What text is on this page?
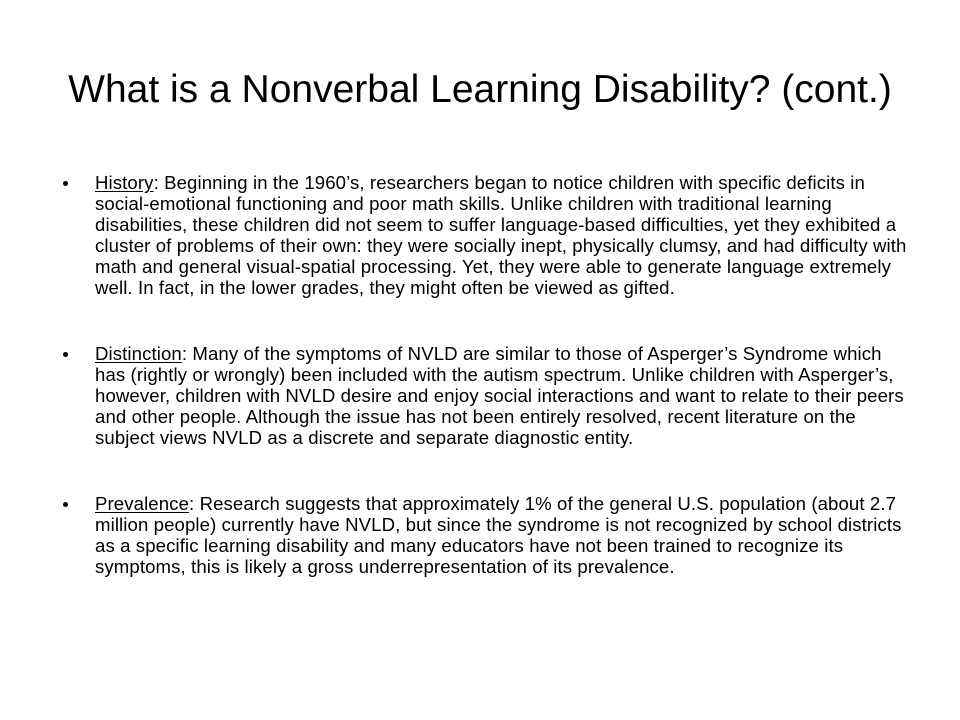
What is a Nonverbal Learning Disability? (cont.)
History: Beginning in the 1960’s, researchers began to notice children with specific deficits in social-emotional functioning and poor math skills. Unlike children with traditional learning disabilities, these children did not seem to suffer language-based difficulties, yet they exhibited a cluster of problems of their own: they were socially inept, physically clumsy, and had difficulty with math and general visual-spatial processing. Yet, they were able to generate language extremely well. In fact, in the lower grades, they might often be viewed as gifted.
Distinction: Many of the symptoms of NVLD are similar to those of Asperger’s Syndrome which has (rightly or wrongly) been included with the autism spectrum. Unlike children with Asperger’s, however, children with NVLD desire and enjoy social interactions and want to relate to their peers and other people. Although the issue has not been entirely resolved, recent literature on the subject views NVLD as a discrete and separate diagnostic entity.
Prevalence: Research suggests that approximately 1% of the general U.S. population (about 2.7 million people) currently have NVLD, but since the syndrome is not recognized by school districts as a specific learning disability and many educators have not been trained to recognize its symptoms, this is likely a gross underrepresentation of its prevalence.
